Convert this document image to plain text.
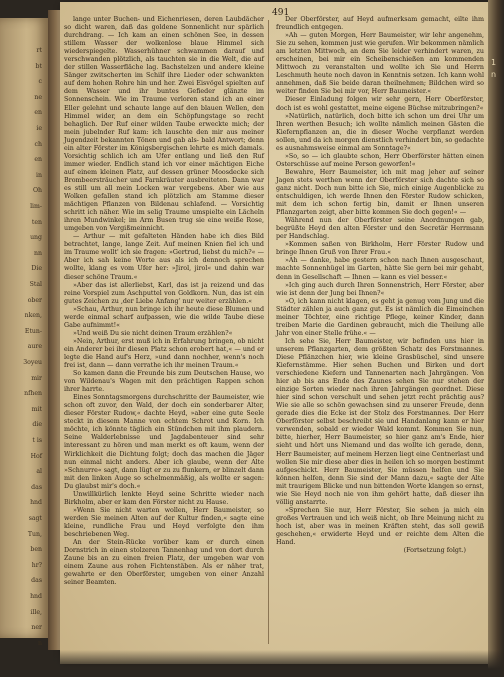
rt
bt
c
ne
en
ie
ch
en
in
Oh
lim-
ten
ung
nn
Die
Stal
ober
nken,
Etun-
aure
3oyeu
mir
nfhen
mit
die
t is
Hof
al
das
hnd
sagt
Tun,
ben
hr?
das
hnd
ille,
ner
n
491

lange unter Buchen- und Eichenriesen, deren Laubdächer so dicht waren, daß das goldene Sonnenlicht nur spärlich durchdrang. — Ich kam an einen schönen See, in dessen stillem Wasser der wolkenlose blaue Himmel sich wiederspiegelte. Wasserhühner schwammen darauf und verschwanden plötzlich, als tauchten sie in die Welt, die auf der stillen Wasserfläche lag. Bachstelzen und andere kleine Sänger zwitscherten im Schilf ihre Lieder oder schwankten auf dem hohen Rohre hin und her. Zwei Eisvögel spielten auf dem Wasser und ihr buntes Gefieder glänzte im Sonnenschein. Wie im Traume verloren stand ich an einer Eller gelehnt und schaute lange auf den blauen Wellen, den Himmel wider, an dem ein Schöpfungstage so recht behaglich. Der Ruf einer wilden Taube erweckte mich; der mein jubelnder Ruf kam: ich lauschte den mir aus meiner Jugendzeit bekannten Tönen und gab als- bald Antwort; denn ein alter Förster im Königsbergischen lehrte es mich damals. Vorsichtig schlich ich am Ufer entlang und ließ den Ruf immer wieder. Endlich stand ich vor einer mächtigen Eiche auf einem kleinen Platz, auf dessen grüner Moosdecke sich Brombeersträucher und Farnkräuter ausbreiteten. Dann war es still um all mein Locken war vergebens. Aber wie aus Wolken gefallen stand ich plötzlich am Stamme dieser mächtigen Pflanzen von Bildenau schlafend. — Vorsichtig schritt ich näher. Wie im selig Traume umspielte ein Lächeln ihren Mundwinkel; im Arm Busen trug sie eine weiße Rose, umgeben von Vergißmeinnicht.

— Arthur — mit gefalteten Händen habe ich dies Bild betrachtet, lange, lange Zeit. Auf meinen Knien fiel ich und im Traume wollt' ich sie fragen: »Gertrud, liebst du mich?« — Aber ich sah keine Worte aus als ich dennoch sprechen wollte, klang es vom Ufer her: »Jirol, jirol« und dahin war dieser schöne Traum.«

»Aber das ist allerliebst, Karl, das ist ja reizend und das reine Vorspiel zum Aschputtel von Goldkorn. Nun, das ist ein gutes Zeichen zu ‚der Liebe Anfang‘ nur weiter erzählen.«

»Schau, Arthur, nun bringe ich ihr heute diese Blumen und werde einmal scharf aufpassen, wie die wilde Taube diese Gabe aufnimmt!«

»Und weiß Du sie nicht deinen Traum erzählen?«

»Nein, Arthur, erst muß ich in Erfahrung bringen, ob nicht ein Anderer bei ihr diesen Platz schon erobert hat,« — und er legte die Hand auf's Herz, »und dann nochher, wenn's noch frei ist, dann — dann verrathe ich ihr meinen Traum.«

So kamen dann die Freunde bis zum Deutschen Hause, wo von Wildenau's Wagen mit den prächtigen Rappen schon ihrer harrte.

Eines Sonntagsmorgens durchschritte der Baumeister, wie schon oft zuvor, den Wald, der doch ein sonderbarer Alter, dieser Förster Rudow,« dachte Heyd, »aber eine gute Seele steckt in diesem Manne von echtem Schrot und Korn. Ich möchte, ich könnte täglich ein Stündchen mit ihm plaudern. Seine Walderlebnisse und Jagdabenteuer sind sehr interessant zu hören und man merkt es oft kaum, wenn der Wirklichkeit die Dichtung folgt; doch das machen die Jäger nun einmal nicht anders. Aber ich glaube, wenn der Alte »Schnurre« sagt, dann lügt er zu zu flunkern, er blinzelt dann mit den linken Auge so schelmenmäßig, als wollte er sagen: Du glaubst mir's doch.«

Unwillkürlich lenkte Heyd seine Schritte wieder nach Birkholm, aber er kam den Förster nicht zu Hause.

»Wenn Sie nicht warten wollen, Herr Baumeister, so werden Sie meinen Alten auf der Kultur finden,« sagte eine kleine, rundliche Frau und Heyd verfolgte den ihm beschriebenen Weg.

An der Stein-Rücke vorüber kam er durch einen Dornstrich in einen stolzeren Tannenhag und von dort durch Zaune bis an zu einen freien Platz, der umgeben war von einem Zaune aus rohen Fichtenstäben. Als er näher trat, gewahrte er den Oberförster, umgeben von einer Anzahl seiner Beamten.

Der Oberförster, auf Heyd aufmerksam gemacht, eilte ihm freundlich entgegen.

»Ah — guten Morgen, Herr Baumeister, wir lehr angenehm, Sie zu sehen, kommen just wie gerufen. Wir bekommen nämlich am letzten Mittwoch, an dem Sie leider verhindert waren, zu erscheinen, bei mir ein Scheibenschießen am kommenden Mittwoch zu veranstalten und wollte ich Sie und Herrn Leschmuth heute noch davon in Kenntnis setzen. Ich kann wohl annehmen, daß Sie beide daran theilnehmen; Bildchen wird so weiter finden Sie bei mir vor, Herr Baumeister.«

Dieser Einladung folgen wir sehr gern, Herr Oberförster, doch ist es wohl gestattet, meine eigene Büchse mitzubringen?«

»Natürlich, natürlich, doch bitte ich schon um drei Uhr um Ihren werthen Besuch; ich wollte nämlich meinen Gästen die Kiefernpflanzen an, die in dieser Woche verpflanzt werden sollen, und da ich morgen dienstlich verhindert bin, so gedachte es ausnahmsweise einmal am Sonntage?«

»So, so — ich glaubte schon, Herr Oberförster hätten einen Osterschüsse auf meine Person geworfen!«

Bewahre, Herr Baumeister, ich mit mag jeher auf seiner Jagen stets werthen wenn der Oberförster sich dachte sich so ganz nicht. Doch nun bitte ich Sie, mich einige Augenblicke zu entschuldigen, ich werde Ihnen den Förster Rudow schicken, mit dem ich schon fertig bin, damit er Ihnen unseren Pflanzgarten zeigt, aber bitte kommen Sie doch gegen!« —

Während nun der Oberförster seine Anordnungen gab, begrüßte Heyd den alten Förster und den Secretär Herrmann per Handschlag.

»Kommen saßen von Birkholm, Herr Förster Rudow und bringe Ihnen Gruß von Ihrer Frau.«

»Ah — danke, habe gestern schon nach Ihnen ausgeschaut, machte Sonnenhügel im Garten, hätte Sie gern bei mir gehabt, denn in Gesellschaft — Ihnen — kann es viel besser.«

»Ich ging auch durch Ihren Sonnenstrich, Herr Förster, aber wie ist denn der Jung bei Ihnen?«

»O, ich kann nicht klagen, es geht ja genug vom Jung und die Städter zählen ja auch ganz gut. Es ist nämlich die Eimeinchen meiner Töchter, eine richtige Pflege, keiner Kinder, dann treiben Marie die Gardinen gebraucht, mich die Theilung alle Jahr von einer Stelle frühe.« —

Ich sehe Sie, Herr Baumeister, wir befinden uns hier in unserem Pflanzgarten, dem größten Schatz des Forstmannes. Diese Pflänzchen hier, wie kleine Grasbüschel, sind unsere Kiefernstämme. Hier sehen Buchen und Birken und dort verschiedene Kiefern und Tannenarten nach Jahrgängen. Von hier ab bis ans Ende des Zaunes sehen Sie nur stehen der einzige Sorten wieder nach ihren Jahrgängen geordnet. Diese hier sind schon verschult und sehen jetzt recht prächtig aus? Wie sie alle so schön gewachsen sind zu unserer Freude, denn gerade dies die Ecke ist der Stolz des Forstmannes. Der Herr Oberförster selbst beschreibt sie und Handanlang kann er hier verwenden, sobald er wieder Wald kommt. Kommen Sie nun, bitte, hierher, Herr Baumeister, so hier ganz am's Ende, hier sieht und hört uns Niemand und das wollte ich gerade, denn, Herr Baumeister, auf meinem Herzen liegt eine Centnerlast und wollen Sie mir diese aber dies in heilen ich so morgen bestimmt aufgeschickt. Herr Baumeister, Sie müssen helfen und Sie können helfen, denn Sie sind der Mann dazu,« sagte der Alte mit traurigem Blicke und nun bittenden Worte klangen so ernst, wie Sie Heyd noch nie von ihm gehört hatte, daß dieser ihn völlig anstarrte.

»Sprechen Sie nur, Herr Förster, Sie sehen ja mich ein großes Vertrauen und ich weiß nicht, ob Ihre Meinung nicht zu hoch ist, aber was in meinen Kräften steht, das soll gewiß geschehen,« erwiderte Heyd und er reichte dem Alten die Hand.

(Fortsetzung folgt.)

1
n
